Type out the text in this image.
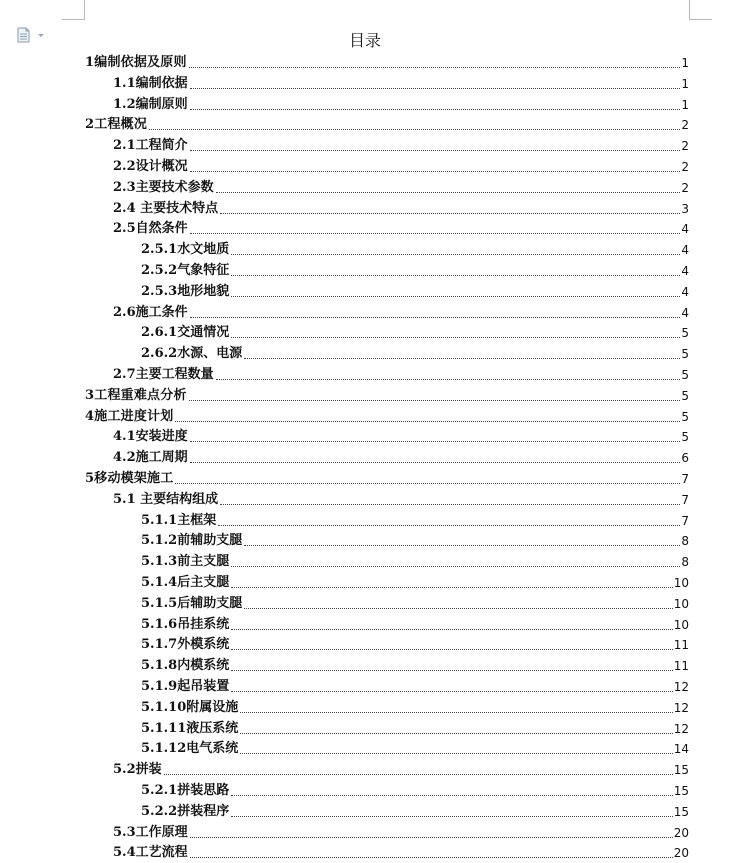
目录
1编制依据及原则	1
1.1编制依据	1
1.2编制原则	1
2工程概况	2
2.1工程简介	2
2.2设计概况	2
2.3主要技术参数	2
2.4 主要技术特点	3
2.5自然条件	4
2.5.1水文地质	4
2.5.2气象特征	4
2.5.3地形地貌	4
2.6施工条件	4
2.6.1交通情况	5
2.6.2水源、电源	5
2.7主要工程数量	5
3工程重难点分析	5
4施工进度计划	5
4.1安装进度	5
4.2施工周期	6
5移动模架施工	7
5.1 主要结构组成	7
5.1.1主框架	7
5.1.2前辅助支腿	8
5.1.3前主支腿	8
5.1.4后主支腿	10
5.1.5后辅助支腿	10
5.1.6吊挂系统	10
5.1.7外模系统	11
5.1.8内模系统	11
5.1.9起吊装置	12
5.1.10附属设施	12
5.1.11液压系统	12
5.1.12电气系统	14
5.2拼装	15
5.2.1拼装思路	15
5.2.2拼装程序	15
5.3工作原理	20
5.4工艺流程	20
